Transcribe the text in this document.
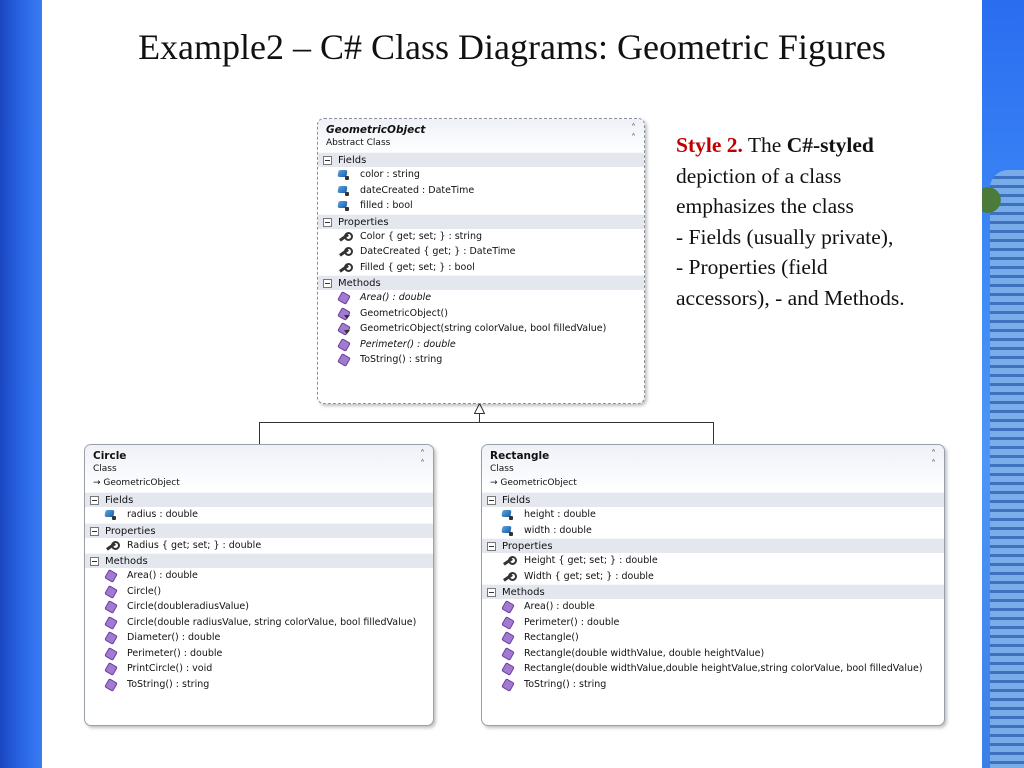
Example2 – C# Class Diagrams: Geometric Figures
Style 2. The C#-styled
depiction of a class
emphasizes the class
- Fields (usually private),
- Properties (field
accessors), - and Methods.
GeometricObject
Abstract Class
˄
˄
Fields
color : string
dateCreated : DateTime
filled : bool
Properties
Color { get; set; } : string
DateCreated { get; } : DateTime
Filled { get; set; } : bool
Methods
Area() : double
GeometricObject()
GeometricObject(string colorValue, bool filledValue)
Perimeter() : double
ToString() : string
Circle
Class
→ GeometricObject
˄
˄
Fields
radius : double
Properties
Radius { get; set; } : double
Methods
Area() : double
Circle()
Circle(doubleradiusValue)
Circle(double radiusValue, string colorValue, bool filledValue)
Diameter() : double
Perimeter() : double
PrintCircle() : void
ToString() : string
Rectangle
Class
→ GeometricObject
˄
˄
Fields
height : double
width : double
Properties
Height { get; set; } : double
Width { get; set; } : double
Methods
Area() : double
Perimeter() : double
Rectangle()
Rectangle(double widthValue, double heightValue)
Rectangle(double widthValue,double heightValue,string colorValue, bool filledValue)
ToString() : string
